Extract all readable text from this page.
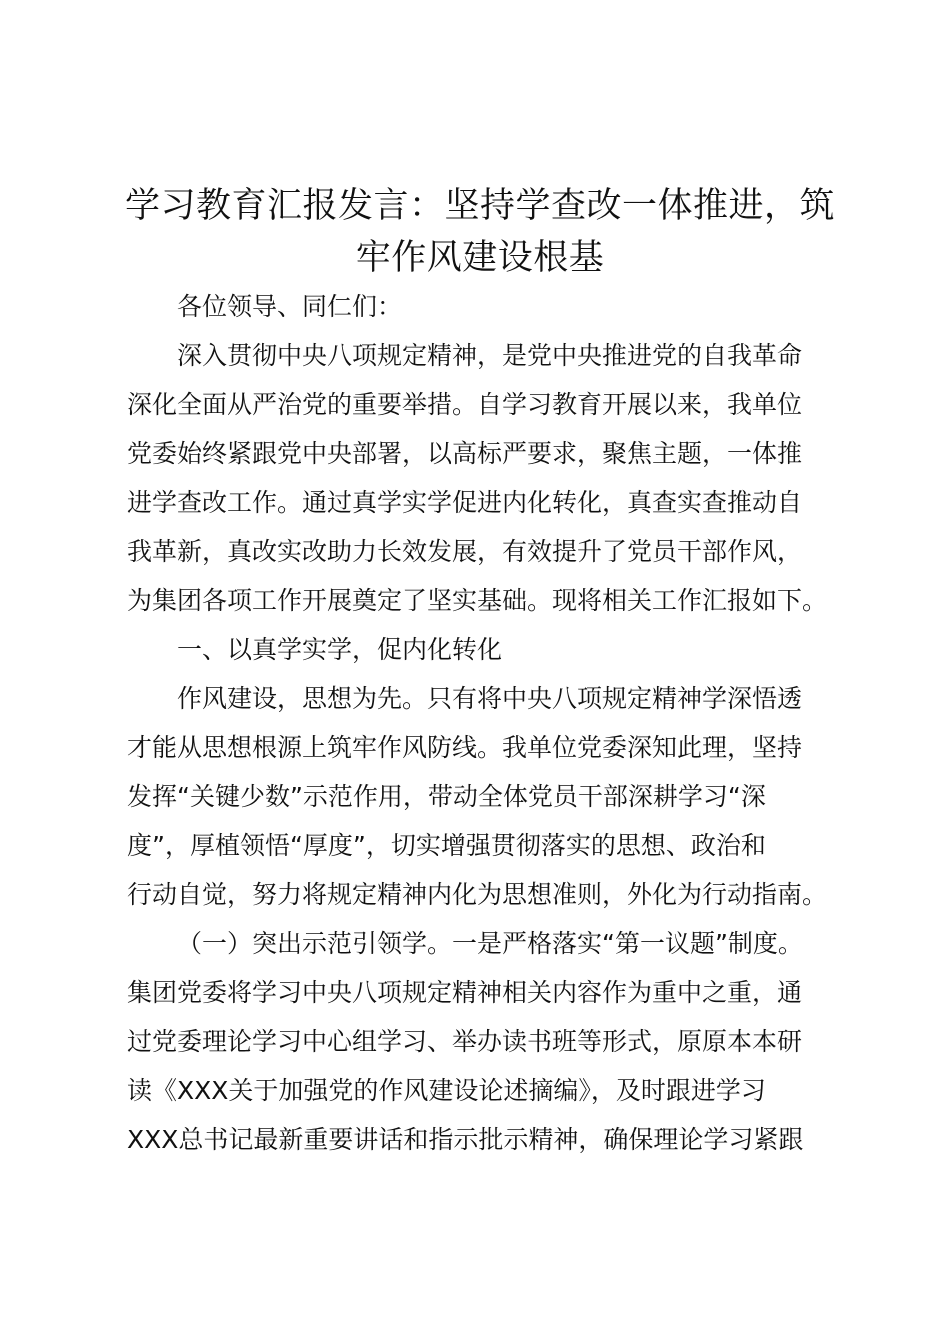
学习教育汇报发言：坚持学查改一体推进，筑
牢作风建设根基
各位领导、同仁们：
深入贯彻中央八项规定精神，是党中央推进党的自我革命
深化全面从严治党的重要举措。自学习教育开展以来，我单位
党委始终紧跟党中央部署，以高标严要求，聚焦主题，一体推
进学查改工作。通过真学实学促进内化转化，真查实查推动自
我革新，真改实改助力长效发展，有效提升了党员干部作风，
为集团各项工作开展奠定了坚实基础。现将相关工作汇报如下。
一、以真学实学，促内化转化
作风建设，思想为先。只有将中央八项规定精神学深悟透
才能从思想根源上筑牢作风防线。我单位党委深知此理，坚持
发挥“关键少数”示范作用，带动全体党员干部深耕学习“深
度”，厚植领悟“厚度”，切实增强贯彻落实的思想、政治和
行动自觉，努力将规定精神内化为思想准则，外化为行动指南。
（一）突出示范引领学。一是严格落实“第一议题”制度。
集团党委将学习中央八项规定精神相关内容作为重中之重，通
过党委理论学习中心组学习、举办读书班等形式，原原本本研
读《XXX关于加强党的作风建设论述摘编》，及时跟进学习
XXX总书记最新重要讲话和指示批示精神，确保理论学习紧跟
